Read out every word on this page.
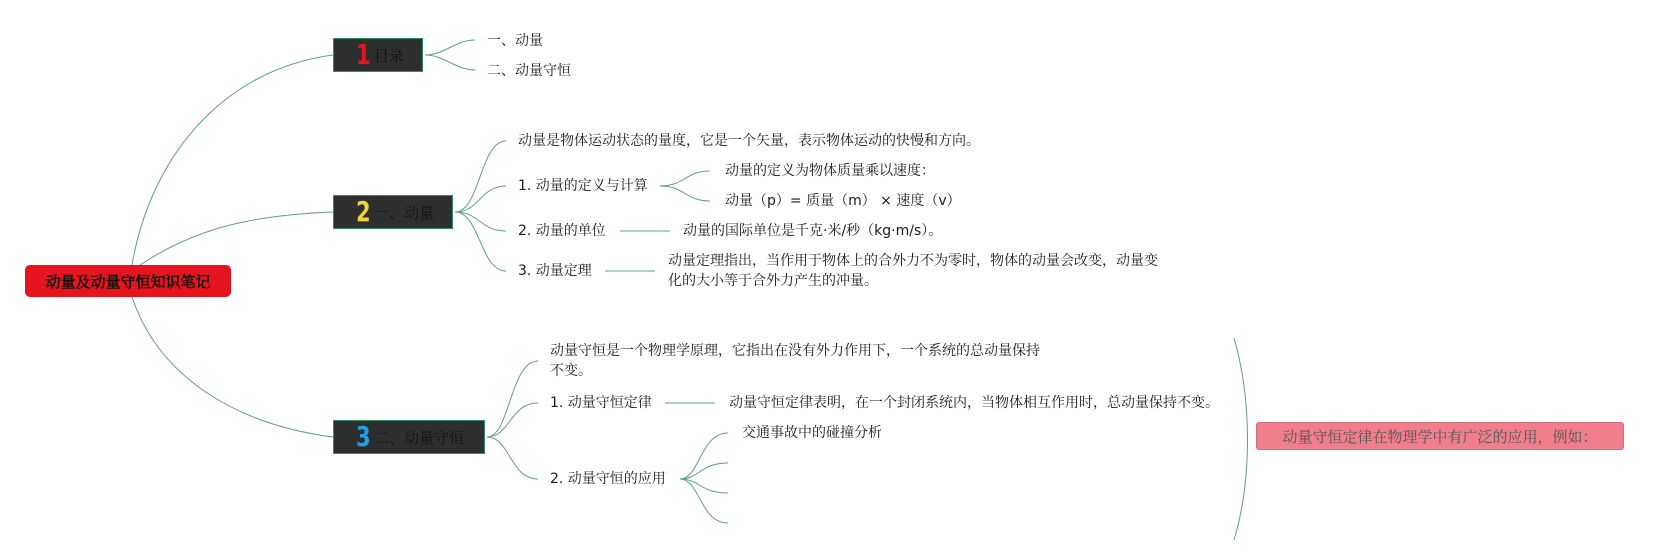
动量及动量守恒知识笔记
1 目录
一、动量
二、动量守恒
2 一、动量
动量是物体运动状态的量度，它是一个矢量，表示物体运动的快慢和方向。
1. 动量的定义与计算
动量的定义为物体质量乘以速度：
动量（p）= 质量（m） × 速度（v）
2. 动量的单位	动量的国际单位是千克·米/秒（kg·m/s）。
3. 动量定理
动量定理指出，当作用于物体上的合外力不为零时，物体的动量会改变，动量变化的大小等于合外力产生的冲量。
3 二、动量守恒
动量守恒是一个物理学原理，它指出在没有外力作用下，一个系统的总动量保持不变。
1. 动量守恒定律	动量守恒定律表明，在一个封闭系统内，当物体相互作用时，总动量保持不变。
2. 动量守恒的应用
交通事故中的碰撞分析	动量守恒定律在物理学中有广泛的应用，例如：
